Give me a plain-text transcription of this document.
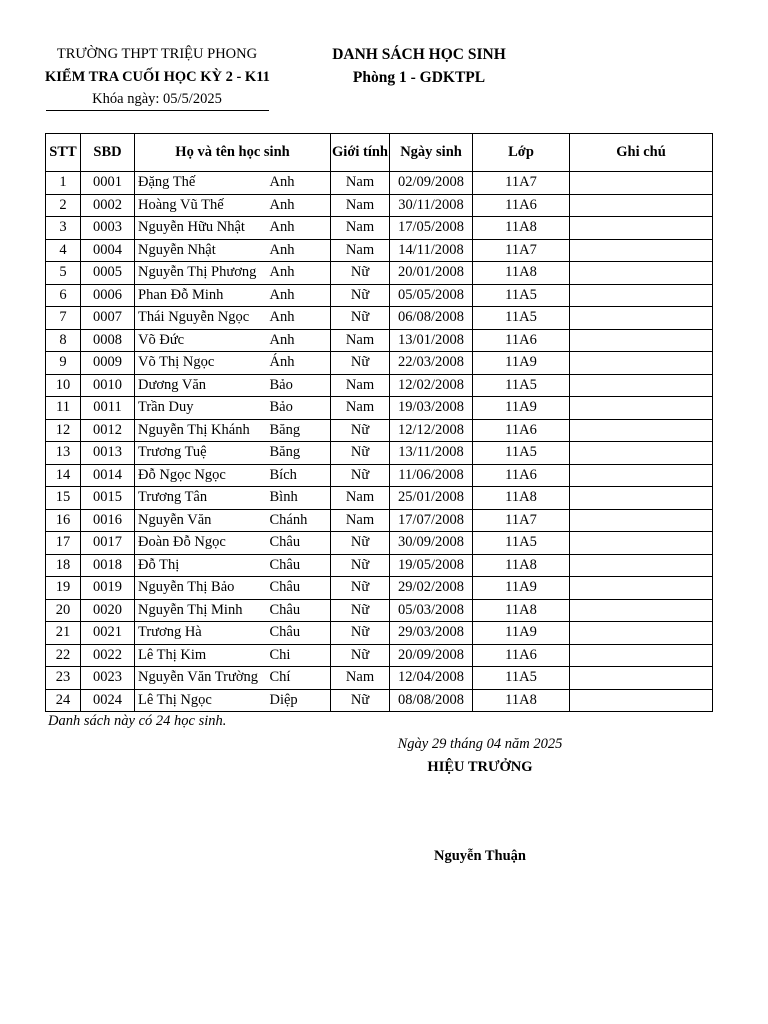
TRƯỜNG THPT TRIỆU PHONG
KIỂM TRA CUỐI HỌC KỲ 2 - K11
Khóa ngày: 05/5/2025
DANH SÁCH HỌC SINH
Phòng 1 - GDKTPL
STT	SBD	Họ và tên học sinh		Giới tính	Ngày sinh	Lớp	Ghi chú
1	0001	Đặng Thế	Anh	Nam	02/09/2008	11A7	
2	0002	Hoàng Vũ Thế	Anh	Nam	30/11/2008	11A6	
3	0003	Nguyễn Hữu Nhật	Anh	Nam	17/05/2008	11A8	
4	0004	Nguyễn Nhật	Anh	Nam	14/11/2008	11A7	
5	0005	Nguyễn Thị Phương	Anh	Nữ	20/01/2008	11A8	
6	0006	Phan Đỗ Minh	Anh	Nữ	05/05/2008	11A5	
7	0007	Thái Nguyễn Ngọc	Anh	Nữ	06/08/2008	11A5	
8	0008	Võ Đức	Anh	Nam	13/01/2008	11A6	
9	0009	Võ Thị Ngọc	Ánh	Nữ	22/03/2008	11A9	
10	0010	Dương Văn	Bảo	Nam	12/02/2008	11A5	
11	0011	Trần Duy	Bảo	Nam	19/03/2008	11A9	
12	0012	Nguyễn Thị Khánh	Băng	Nữ	12/12/2008	11A6	
13	0013	Trương Tuệ	Băng	Nữ	13/11/2008	11A5	
14	0014	Đỗ Ngọc Ngọc	Bích	Nữ	11/06/2008	11A6	
15	0015	Trương Tân	Bình	Nam	25/01/2008	11A8	
16	0016	Nguyễn Văn	Chánh	Nam	17/07/2008	11A7	
17	0017	Đoàn Đỗ Ngọc	Châu	Nữ	30/09/2008	11A5	
18	0018	Đỗ Thị	Châu	Nữ	19/05/2008	11A8	
19	0019	Nguyễn Thị Bảo	Châu	Nữ	29/02/2008	11A9	
20	0020	Nguyễn Thị Minh	Châu	Nữ	05/03/2008	11A8	
21	0021	Trương Hà	Châu	Nữ	29/03/2008	11A9	
22	0022	Lê Thị Kim	Chi	Nữ	20/09/2008	11A6	
23	0023	Nguyễn Văn Trường	Chí	Nam	12/04/2008	11A5	
24	0024	Lê Thị Ngọc	Diệp	Nữ	08/08/2008	11A8	
Danh sách này có 24 học sinh.
Ngày 29 tháng 04 năm 2025
HIỆU TRƯỞNG
Nguyễn Thuận
